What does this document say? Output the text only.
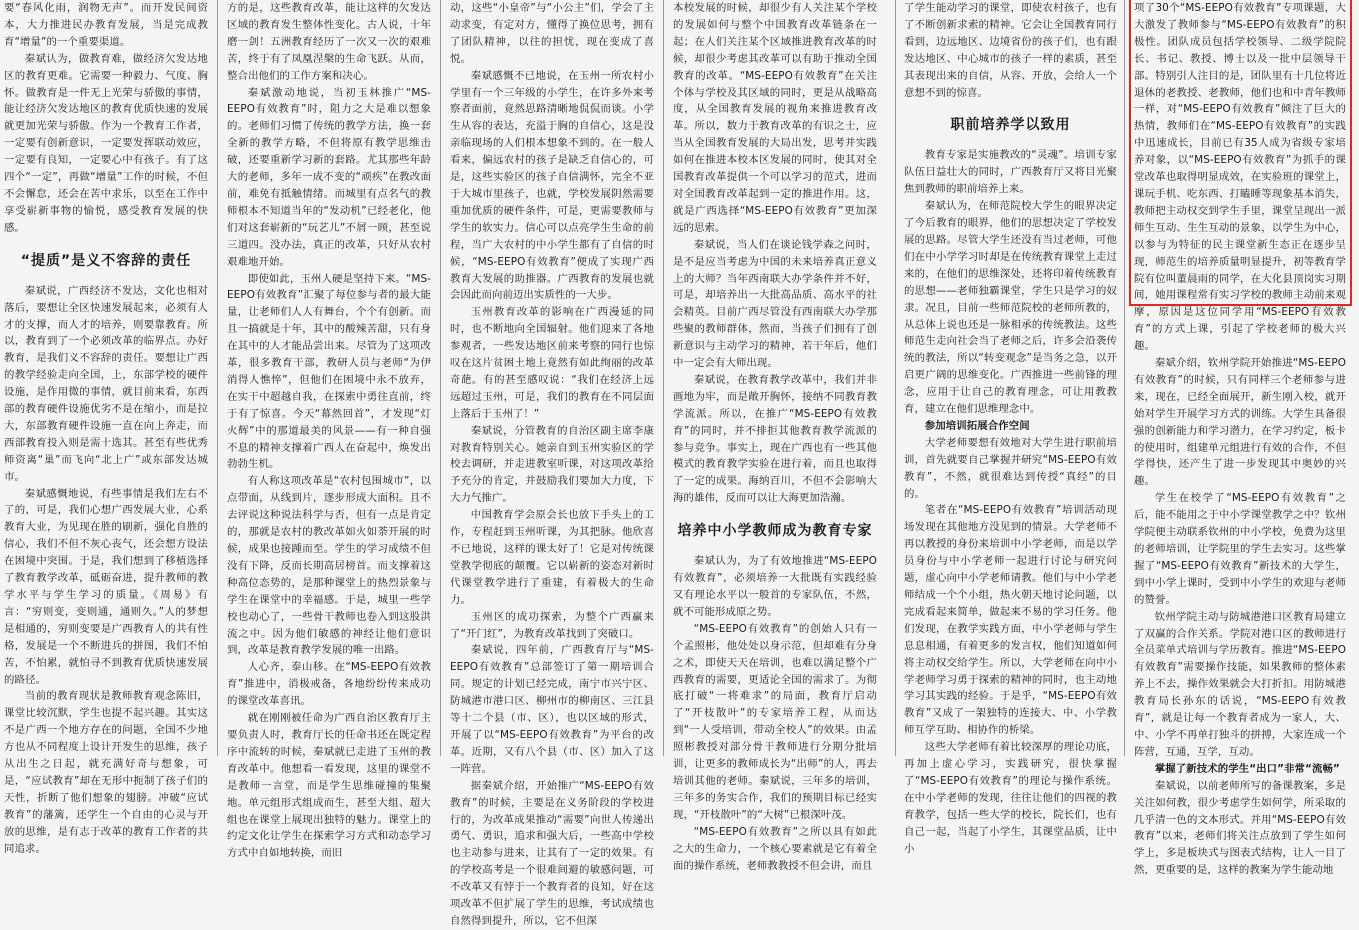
要“春风化雨，润物无声”。而开发民间资本，大力推进民办教育发展，当是完成教育“增量”的一个重要渠道。

秦斌认为，做教育难，做经济欠发达地区的教育更难。它需要一种毅力、气度、胸怀。做教育是一件无上光荣与骄傲的事情，能让经济欠发达地区的教育优质快速的发展就更加光荣与骄傲。作为一个教育工作者，一定要有创新意识，一定要发挥联动效应，一定要有良知，一定要心中有孩子。有了这四个“一定”，再做“增量”工作的时候，不但不会懈怠，还会在苦中求乐，以至在工作中享受崭新事物的愉悦，感受教育发展的快感。

“提质”是义不容辞的责任

秦斌说，广西经济不发达，文化也相对落后，要想让全区快速发展起来，必须有人才的支撑，而人才的培养，则要靠教育。所以，教育到了一个必须改革的临界点。办好教育，是我们义不容辞的责任。要想让广西的教学经验走向全国，上，东部学校的硬件设施，是作用微的事情，就目前来看，东西部的教育硬件设施优劣不是在缩小，而是拉大，东部教育硬件设施一直在向上奔走，而西部教育投入则是需十选其。甚至有些优秀师资离“巢”而飞向“北上广”或东部发达城市。

秦斌感慨地说，有些事情是我们左右不了的，可是，我们心想广西发展大业，心系教育大业，为见现在胜的刷新，强化自胜的信心，我们不但不灰心丧气，还会想方设法在困境中突围。于是，我们想到了移植选择了教育教学改革，砥砺奋进，提升教师的教学水平与学生学习的质量。《周易》有言：“穷则变，变则通，通则久。”人的梦想是相通的，穷则变要是广西教育人的共有性格，发展是一个不断进兵的拼图，我们不怕苦，不怕累，就怕寻不到教育优质快速发展的路径。

当前的教育现状是教师教育观念陈旧，课堂比较沉默，学生也提不起兴趣。其实这不是广西一个地方存在的问题，全国不少地方也从不同程度上设计开发生的思维，孩子从出生之日起，就充满好奇与想象，可是，“应试教育”却在无形中扼制了孩子们的天性，折断了他们想象的翅膀。冲破“应试教育”的藩篱，还学生一个自由的心灵与开放的思维，是有志于改革的教育工作者的共同追求。

方的是，这些教育改革，能让这样的欠发达区域的教育发生整体性变化。古人说，十年磨一剑！五洲教育经历了一次又一次的艰难苦，终于有了凤凰涅槃的生命飞跃。从而，整合出他们的工作方案和决心。

秦斌激动地说，当初玉林推广“MS-EEPO有效教育”时，阻力之大是难以想象的。老师们习惯了传统的教学方法，换一套全新的教学方略，不但将原有教学思维击破，还要重新学习新的套路。尤其那些年龄大的老师，多年一成不变的“顽疾”在教改面前，难免有抵触情绪。而城里有点名气的教师根本不知道当年的“发动机”已经老化，他们对这套崭新的“玩艺儿”不屑一顾，甚至说三道四。没办法，真正的改革，只好从农村艰难地开始。

即使如此，玉州人硬是坚持下来。“MS-EEPO有效教育”汇聚了每位参与者的最大能量，让老师们人人有舞台，个个有创新。而且一搞就是十年，其中的酸辣苦甜，只有身在其中的人才能品尝出来。尽管为了这项改革，很多教育干部，教研人员与老师“为伊消得人憔悴”，但他们在困境中永不放弃，在实干中超越自我，在探索中勇往直前，终于有了惊喜。今天“幕然回首”，才发现“灯火辉”中的那道最美的风景——有一种自强不息的精神支撑着广西人在奋起中，焕发出勃勃生机。

有人称这项改革是“农村包围城市”，以点带面，从线到片，逐步形成大面积。且不去评说这种说法科学与否，但有一点是肯定的，那就是农村的教改革如火如荼开展的时候，成果也接踵而至。学生的学习成绩不但没有下降，反而长期高居榜首。而支撑着这种高位态势的，是那种课堂上的热烈景象与学生在课堂中的幸福感。于是，城里一些学校也动心了，一些骨干教师也卷入到这股洪流之中。因为他们敏感的神经让他们意识到，改革是教育教学发展的唯一出路。

人心齐，泰山移。在“MS-EEPO有效教育”推进中，消极戒备，各地纷纷传来成功的课堂改革喜讯。

就在刚刚被任命为广西自治区教育厅主要负责人时，教育厅长的任命书还在既定程序中流转的时候，秦斌就已走进了玉州的教育改革中。他想看一看发现，这里的课堂不是教师一言堂，而是学生思维碰撞的集聚地。单元组形式组成而生，甚至大组、超大组也在课堂上展现出独特的魅力。课堂上的约定文化让学生在探索学习方式和动态学习方式中自如地转换，而旧

动，这些“小皇帝”与“小公主”们，学会了主动求变，有定对方，懂得了换位思考，拥有了团队精神，以往的担忧，现在变成了喜悦。

秦斌感慨不已地说，在玉州一所农村小学里有一个三年级的小学生，在许多外来考察者面前，竟然思路清晰地侃侃而谈。小学生从容的表达，充溢于胸的自信心，这是没亲临现场的人们根本想象不到的。在一般人看来，偏远农村的孩子是缺乏自信心的，可是，这些实验区的孩子自信满怀，完全不亚于大城市里孩子，也就，学校发展阴然需要重加优质的硬件条件，可是，更需要教师与学生的软实力。信心可以点亮学生生命的前程，当广大农村的中小学生都有了自信的时候，“MS-EEPO有效教育”便成了实现广西教育大发展的助推器。广西教育的发展也就会因此而向前迈出实质性的一大步。

玉州教育改革的影响在广西漫延的同时，也不断地向全国辐射。他们迎来了各地参观者，一些发达地区前来考察的同行也惊叹在这片贫困土地上竟然有如此绚丽的改革奇葩。有的甚至感叹说：“我们在经济上远远超过玉州，可是，我们的教育在不同层面上落后于玉州了！”

秦斌说，分管教育的自治区副主席李康对教育特别关心。她亲自到玉州实验区的学校去调研，并走进教室听课，对这项改革给予充分的肯定，并鼓励我们要加大力度，下大力气推广。

中国教育学会原会长也放下手头上的工作，专程赶到玉州听课，为其把脉。他欣喜不已地说，这样的课太好了！它是对传统课堂教学彻底的颠覆。它以崭新的姿态对新时代课堂教学进行了重建，有着极大的生命力。

玉州区的成功探索，为整个广西赢来了“开门红”，为教育改革找到了突破口。

秦斌说，四年前，广西教育厅与“MS-EEPO有效教育”总部签订了第一期培训合同。规定的计划已经完成，南宁市兴宁区、防城港市港口区、柳州市的柳南区、三江县等十二个县（市、区），也以区域的形式，开展了以“MS-EEPO有效教育”为平台的改革。近期，又有八个县（市、区）加入了这一阵营。

据秦斌介绍，开始推广“MS-EEPO有效教育”的时候，主要是在义务阶段的学校进行的，为改革成果推动“需要”向世人传递出勇气、勇识，追求和强大后，一些高中学校也主动参与进来，让其有了一定的效果。有的学校高考是一个很难间避的敏感问题，可不改革又有悖于一个教育者的良知，好在这项改革不但扩展了学生的思维，考试成绩也自然得到提升，所以，它不但深

本校发展的时候，却很少有人关注某个学校的发展如何与整个中国教育改革链条在一起；在人们关注某个区域推进教育改革的时候，却很少考虑其改革可以有助于推动全国教育的改革。“MS-EEPO有效教育”在关注个体与学校及其区域的同时，更是从战略高度，从全国教育发展的视角来推进教育改革。所以，数力于教育改革的有识之士，应当从全国教育发展的大局出发，思考并实践如何在推进本校本区发展的同时，使其对全国教育改革提供一个可以学习的范式，进而对全国教育改革起到一定的推进作用。这，就是广西选择“MS-EEPO有效教育”更加深远的思索。

秦斌说，当人们在谈论钱学森之问时，是不是应当考虑为中国的未来培养真正意义上的大师？当年西南联大办学条件并不好，可是，却培养出一大批高品质、高水平的社会精英。目前广西尽管没有西南联大办学那些聚的教师群体，然而，当孩子们拥有了创新意识与主动学习的精神，若干年后，他们中一定会有大师出现。

秦斌说，在教育教学改革中，我们并非画地为牢，而是敞开胸怀，接纳不同教育教学流派。所以，在推广“MS-EEPO有效教育”的同时，并不排拒其他教育教学流派的参与竞争。事实上，现在广西也有一些其他模式的教育教学实验在进行着，而且也取得了一定的成果。海纳百川，不但不会影响大海的雄伟，反而可以让大海更加浩瀚。

培养中小学教师成为教育专家

秦斌认为，为了有效地推进“MS-EEPO有效教育”，必须培养一大批既有实践经验又有理论水平以一般首的专家队伍，不然，就不可能形成原之势。

“MS-EEPO有效教育”的创始人只有一个孟照彬，他处处以身示范，但却难有分身之术，即使天天在培训，也难以满足整个广西教育的需要，更适论全国的需求了。为彻底打破“一将难求”的局面，教育厅启动了“开枝散叶”的专家培养工程，从而达到“一人受培训，带动全校人”的效果。由孟照彬教授对部分骨干教师进行分期分批培训，让更多的教师成长为“出师”的人，再去培训其他的老师。秦斌说，三年多的培训，三年多的务实合作，我们的预期目标已经实现，“开枝散叶”的“大树”已根深叶茂。

“MS-EEPO有效教育”之所以具有如此之大的生命力，一个核心要素就是它有着全面的操作系统，老师教教授不但会讲，而且

了学生能动学习的课堂，即使农村孩子，也有了不断创新求索的精神。它会让全国教育同行看到，边远地区、边境省份的孩子们，也有跟发达地区、中心城市的孩子一样的素质，甚至其表现出来的自信，从容、开放，会给人一个意想不到的惊喜。

职前培养学以致用

教育专家是实施教改的“灵魂”。培训专家队伍日益壮大的同时，广西教育厅又将目光聚焦到教师的职前培养上来。

秦斌认为，在师范院校大学生的眼界决定了今后教育的眼界，他们的思想决定了学校发展的思路。尽管大学生还没有当过老师，可他们在中小学学习时却是在传统教育课堂上走过来的，在他们的思维深处，还将印着传统教育的思想——老师独霸课堂，学生只是学习的奴隶。况且，目前一些师范院校的老师所教的，从总体上说也还是一脉相承的传统教法。这些师范生走向社会当了老师之后，许多会沿袭传统的教法，所以“转变观念”是当务之急，以开启更广阔的思维变化。广西推进一些前锋的理念，应用于让自己的教育理念，可让用教教育，建立在他们思维理念中。

参加培训拓展合作空间

大学老师要想有效地对大学生进行职前培训，首先就要自己掌握并研究“MS-EEPO有效教育”，不然，就很难达到传授“真经”的目的。

笔者在“MS-EEPO有效教育”培训活动现场发现在其他地方没见到的情景。大学老师不再以教授的身份来培训中小学老师，而是以学员身份与中小学老师一起进行讨论与研究问题，虚心向中小学老师请教。他们与中小学老师结成一个个小组，热火朝天地讨论问题，以完成看起来简单，做起来不易的学习任务。他们发现，在教学实践方面，中小学老师与学生息息相通，有着更多的发言权，他们知道如何将主动权交给学生。所以，大学老师在向中小学老师学习勇于探索的精神的同时，也主动地学习其实践的经验。于是乎，“MS-EEPO有效教育”又成了一架独特的连接大、中、小学教师互学互助、相协作的桥梁。

这些大学老师有着比较深厚的理论功底，再加上虚心学习，实践研究，很快掌握了“MS-EEPO有效教育”的理论与操作系统。在中小学老师的发现，往往让他们的四视的教育教学，包括一些大学的校长，院长们，也有自己一起，当起了小学生，其课堂品质，让中小

项了30个“MS-EEPO有效教育”专项课题，大大激发了教师参与“MS-EEPO有效教育”的积极性。团队成员包括学校领导、二级学院院长、书记、教授、博士以及一批中层领导干部。特别引人注目的是，团队里有十几位将近退休的老教授、老教师，他们也和中青年教师一样，对“MS-EEPO有效教育”倾注了巨大的热情，教师们在“MS-EEPO有效教育”的实践中迅速成长，目前已有35人成为省级专家培养对象，以“MS-EEPO有效教育”为抓手的课堂改革也取得明显成效，在实验班的课堂上，课玩手机、吃东西、打瞌睡等现象基本消失，教师把主动权交到学生手里，课堂呈现出一派师生互动、生生互动的景象，以学生为中心，以参与为特征的民主课堂新生态正在逐步呈现，师范生的培养质量明显提升，初等教育学院有位叫董晨雨的同学，在大化县顶岗实习期间，她用课程常有实习学校的教师主动前来观摩，原因是这位同学用“MS-EEPO有效教育”的方式上课，引起了学校老师的极大兴趣。

秦斌介绍，钦州学院开始推进“MS-EEPO有效教育”的时候，只有同样三个老师参与进来，现在，已经全面展开，新生刚入校，就开始对学生开展学习方式的训练。大学生具备很强的创新能力和学习潜力，在学习约定，板卡的使用时，组建单元组进行有效的合作，不但学得快，还产生了进一步发现其中奥妙的兴趣。

学生在校学了“MS-EEPO有效教育”之后，能不能用之于中小学课堂教学之中？钦州学院便主动联系钦州的中小学校，免费为这里的老师培训，让学院里的学生去实习。这些掌握了“MS-EEPO有效教育”新技术的大学生，到中小学上课时，受到中小学生的欢迎与老师的赞誉。

钦州学院主动与防城港港口区教育局建立了双赢的合作关系。学院对港口区的教师进行全员菜单式培训与学历教育。推进“MS-EEPO有效教育”需要操作技能，如果教师的整体素养上不去，操作效果就会大打折扣。用防城港教育局长孙东的话说，“MS-EEPO有效教育”，就是让每一个教育者成为一家人，大、中、小学不再单打独斗的拼搏，大家连成一个阵营，互通，互学，互动。

掌握了新技术的学生“出口”非常“流畅”

秦斌说，以前老师所写的备课教案，多是关注如何教，很少考虑学生如何学，所采取的几乎清一色的文本形式。并用“MS-EEPO有效教育”以来，老师们将关注点放到了学生如何学上，多是板块式与图表式结构，让人一目了然，更重要的是，这样的教案为学生能动地
